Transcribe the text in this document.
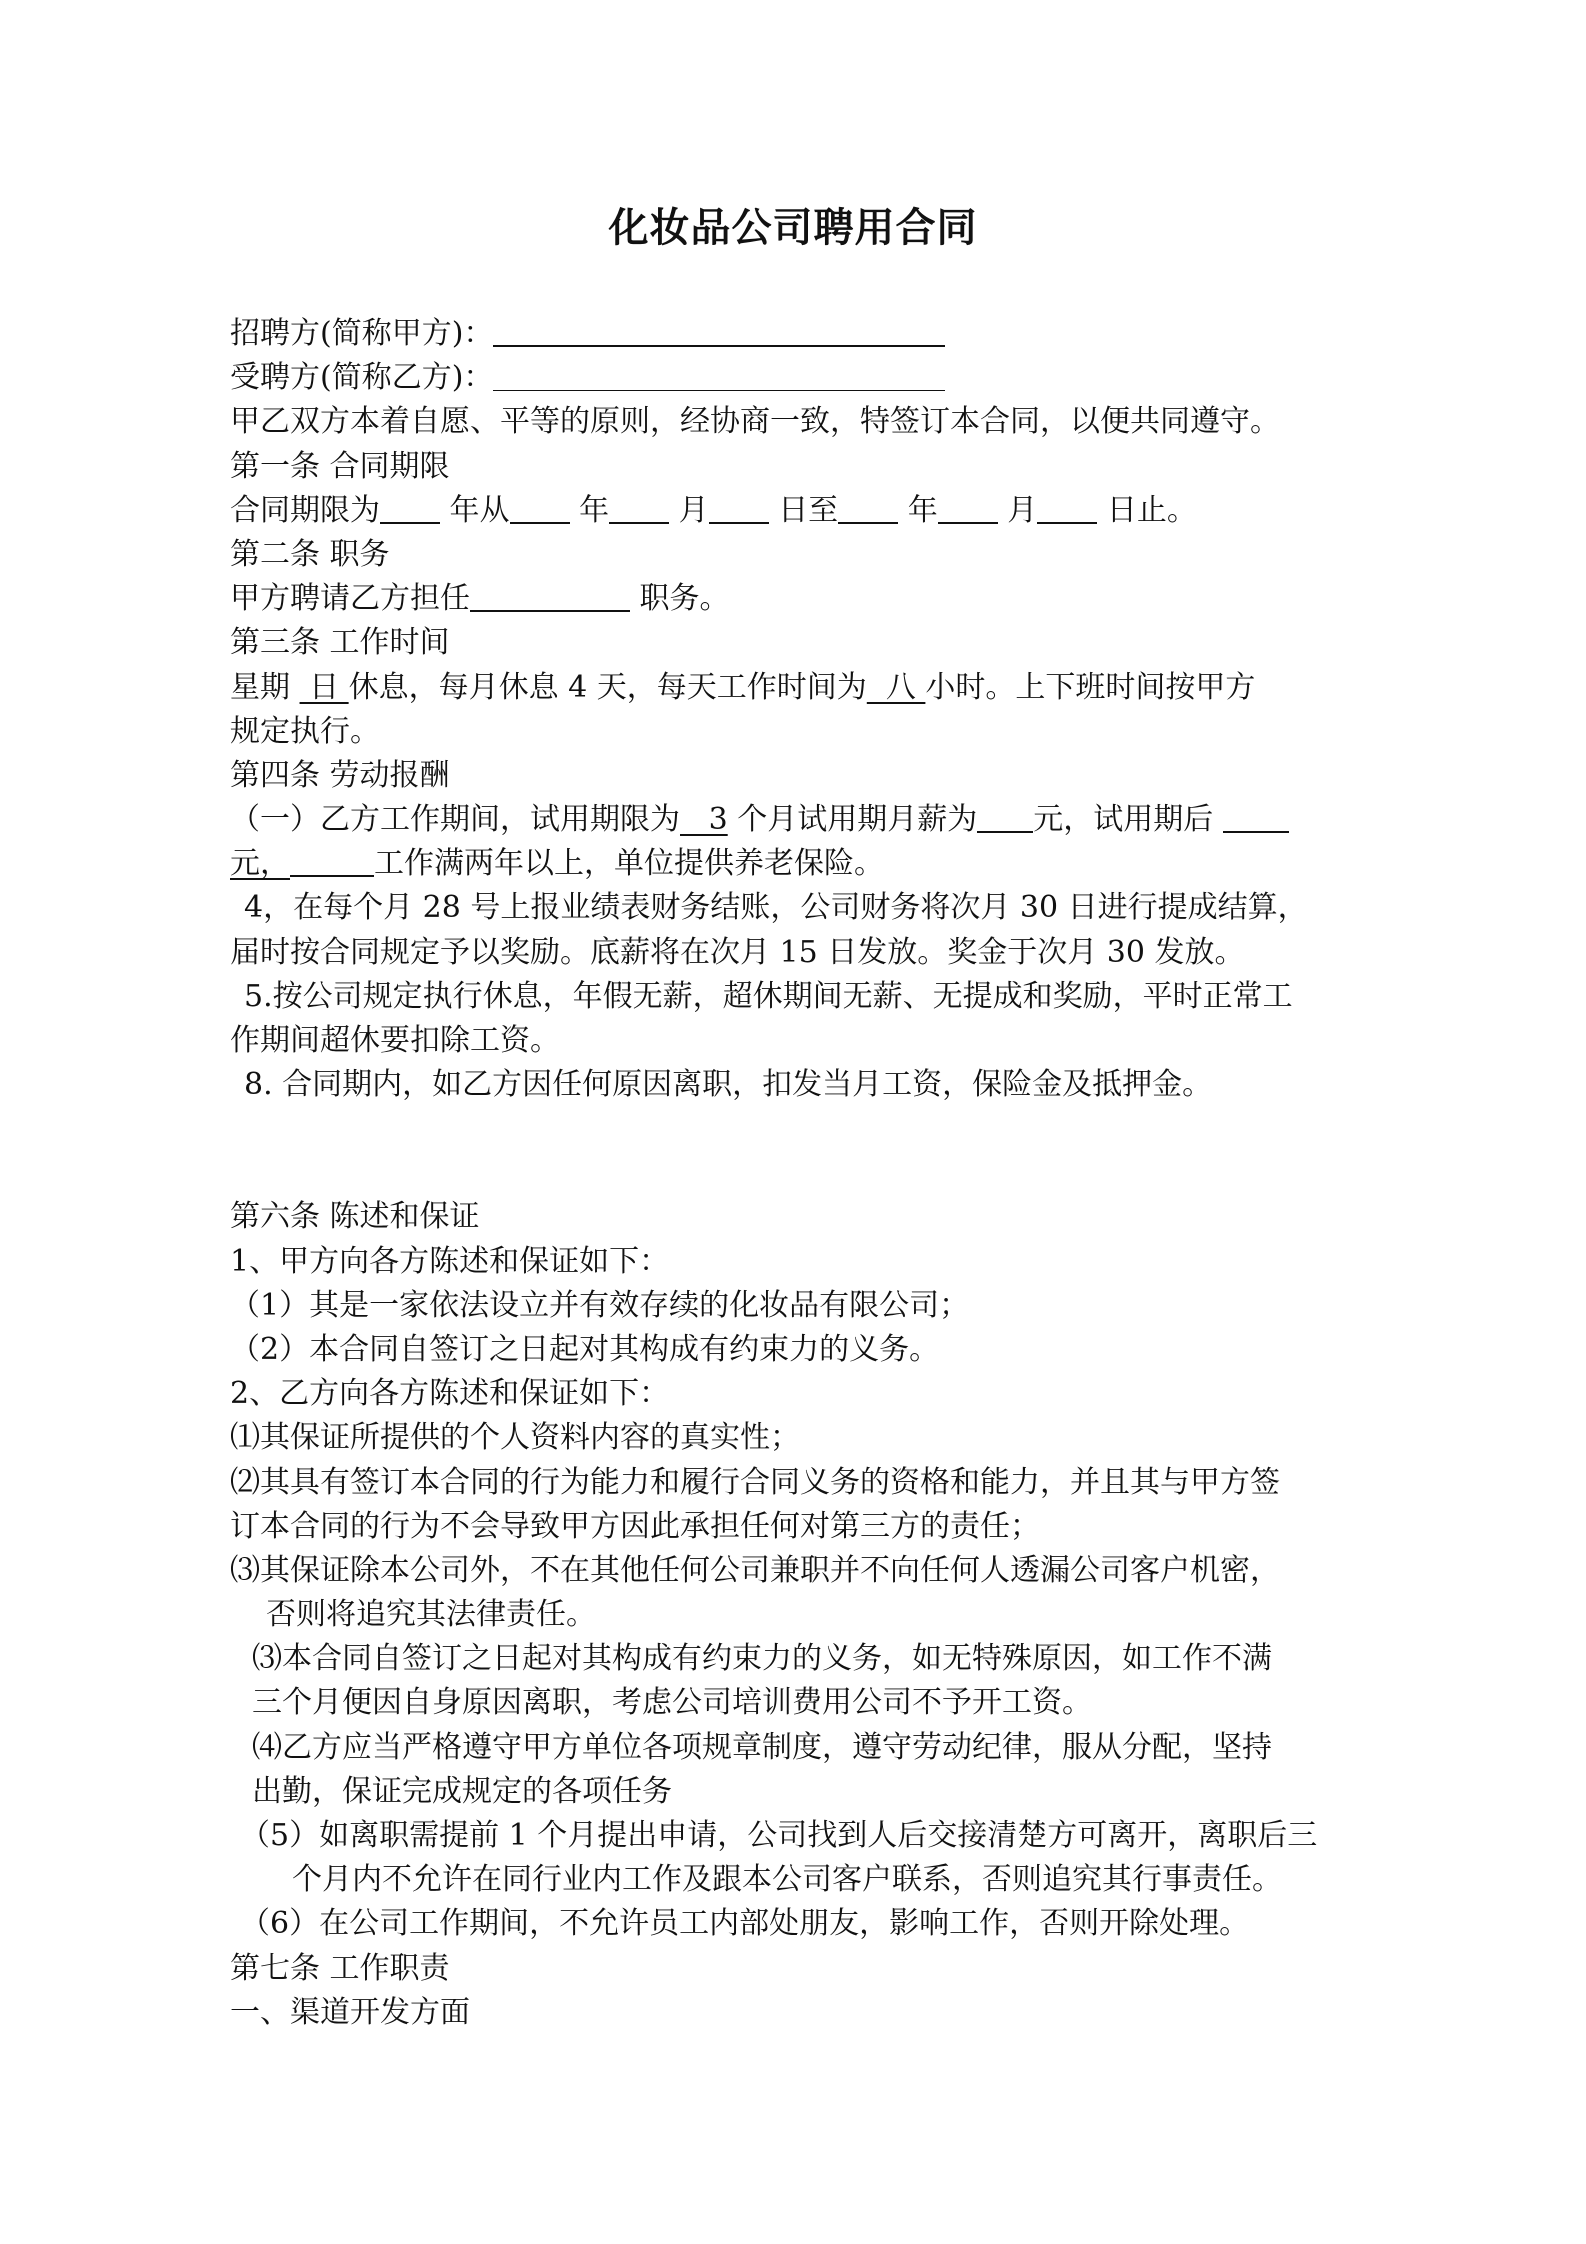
化妆品公司聘用合同
招聘方(简称甲方)：
受聘方(简称乙方)：
甲乙双方本着自愿、平等的原则，经协商一致，特签订本合同，以便共同遵守。
第一条 合同期限
合同期限为 年从 年 月 日至 年 月 日止。
第二条 职务
甲方聘请乙方担任	职务。
第三条 工作时间
星期  日 休息，每月休息 4 天，每天工作时间为  八 小时。上下班时间按甲方
规定执行。
第四条 劳动报酬
（一）乙方工作期间，试用期限为   3 个月试用期月薪为 元，试用期后
元，	工作满两年以上，单位提供养老保险。
4，在每个月 28 号上报业绩表财务结账，公司财务将次月 30 日进行提成结算，
届时按合同规定予以奖励。底薪将在次月 15 日发放。奖金于次月 30 发放。
5.按公司规定执行休息，年假无薪，超休期间无薪、无提成和奖励，平时正常工
作期间超休要扣除工资。
8. 合同期内，如乙方因任何原因离职，扣发当月工资，保险金及抵押金。
第六条 陈述和保证
1、甲方向各方陈述和保证如下：
（1）其是一家依法设立并有效存续的化妆品有限公司；
（2）本合同自签订之日起对其构成有约束力的义务。
2、乙方向各方陈述和保证如下：
⑴其保证所提供的个人资料内容的真实性；
⑵其具有签订本合同的行为能力和履行合同义务的资格和能力，并且其与甲方签
订本合同的行为不会导致甲方因此承担任何对第三方的责任；
⑶其保证除本公司外，不在其他任何公司兼职并不向任何人透漏公司客户机密，
否则将追究其法律责任。
⑶本合同自签订之日起对其构成有约束力的义务，如无特殊原因，如工作不满
三个月便因自身原因离职，考虑公司培训费用公司不予开工资。
⑷乙方应当严格遵守甲方单位各项规章制度，遵守劳动纪律，服从分配，坚持
出勤，保证完成规定的各项任务
（5）如离职需提前 1 个月提出申请，公司找到人后交接清楚方可离开，离职后三
个月内不允许在同行业内工作及跟本公司客户联系，否则追究其行事责任。
（6）在公司工作期间，不允许员工内部处朋友，影响工作，否则开除处理。
第七条 工作职责
一、渠道开发方面
